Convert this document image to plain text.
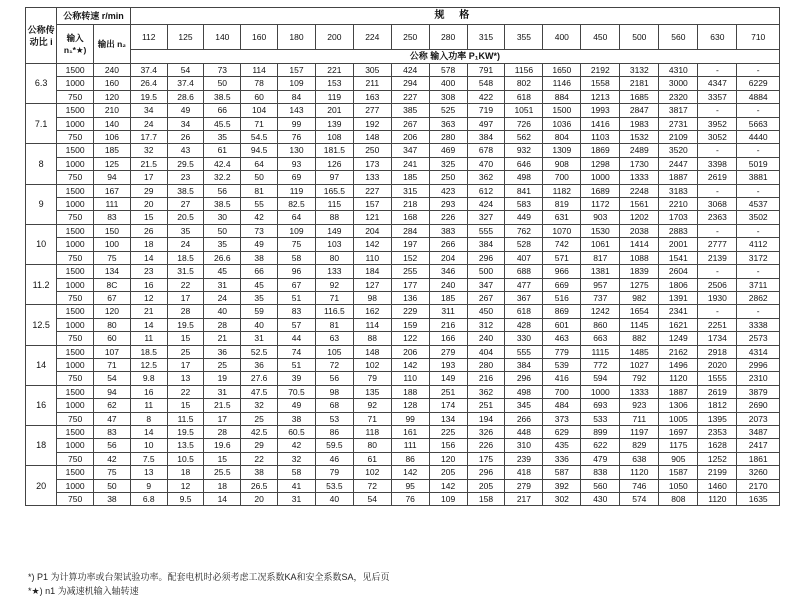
公称传动比 i	公称转速 r/min		规 格																
	输入 n₁*★)	输出 n₂	112	125	140	160	180	200	224	250	280	315	355	400	450	500	560	630	710
			公称 输入功率 P₁KW*)																
6.3	1500	240	37.4	54	73	114	157	221	305	424	578	791	1156	1650	2192	3132	4310	-	-
	1000	160	26.4	37.4	50	78	109	153	211	294	400	548	802	1146	1558	2181	3000	4347	6229
	750	120	19.5	28.6	38.5	60	84	119	163	227	308	422	618	884	1213	1685	2320	3357	4884
7.1	1500	210	34	49	66	104	143	201	277	385	525	719	1051	1500	1993	2847	3817	-	-
	1000	140	24	34	45.5	71	99	139	192	267	363	497	726	1036	1416	1983	2731	3952	5663
	750	106	17.7	26	35	54.5	76	108	148	206	280	384	562	804	1103	1532	2109	3052	4440
8	1500	185	32	43	61	94.5	130	181.5	250	347	469	678	932	1309	1869	2489	3520	-	-
	1000	125	21.5	29.5	42.4	64	93	126	173	241	325	470	646	908	1298	1730	2447	3398	5019
	750	94	17	23	32.2	50	69	97	133	185	250	362	498	700	1000	1333	1887	2619	3881
9	1500	167	29	38.5	56	81	119	165.5	227	315	423	612	841	1182	1689	2248	3183	-	-
	1000	111	20	27	38.5	55	82.5	115	157	218	293	424	583	819	1172	1561	2210	3068	4537
	750	83	15	20.5	30	42	64	88	121	168	226	327	449	631	903	1202	1703	2363	3502
10	1500	150	26	35	50	73	109	149	204	284	383	555	762	1070	1530	2038	2883	-	-
	1000	100	18	24	35	49	75	103	142	197	266	384	528	742	1061	1414	2001	2777	4112
	750	75	14	18.5	26.6	38	58	80	110	152	204	296	407	571	817	1088	1541	2139	3172
11.2	1500	134	23	31.5	45	66	96	133	184	255	346	500	688	966	1381	1839	2604	-	-
	1000	8C	16	22	31	45	67	92	127	177	240	347	477	669	957	1275	1806	2506	3711
	750	67	12	17	24	35	51	71	98	136	185	267	367	516	737	982	1391	1930	2862
12.5	1500	120	21	28	40	59	83	116.5	162	229	311	450	618	869	1242	1654	2341	-	-
	1000	80	14	19.5	28	40	57	81	114	159	216	312	428	601	860	1145	1621	2251	3338
	750	60	11	15	21	31	44	63	88	122	166	240	330	463	663	882	1249	1734	2573
14	1500	107	18.5	25	36	52.5	74	105	148	206	279	404	555	779	1115	1485	2162	2918	4314
	1000	71	12.5	17	25	36	51	72	102	142	193	280	384	539	772	1027	1496	2020	2996
	750	54	9.8	13	19	27.6	39	56	79	110	149	216	296	416	594	792	1120	1555	2310
16	1500	94	16	22	31	47.5	70.5	98	135	188	251	362	498	700	1000	1333	1887	2619	3879
	1000	62	11	15	21.5	32	49	68	92	128	174	251	345	484	693	923	1306	1812	2690
	750	47	8	11.5	17	25	38	53	71	99	134	194	266	373	533	711	1005	1395	2073
18	1500	83	14	19.5	28	42.5	60.5	86	118	161	225	326	448	629	899	1197	1697	2353	3487
	1000	56	10	13.5	19.6	29	42	59.5	80	111	156	226	310	435	622	829	1175	1628	2417
	750	42	7.5	10.5	15	22	32	46	61	86	120	175	239	336	479	638	905	1252	1861
20	1500	75	13	18	25.5	38	58	79	102	142	205	296	418	587	838	1120	1587	2199	3260
	1000	50	9	12	18	26.5	41	53.5	72	95	142	205	279	392	560	746	1050	1460	2170
	750	38	6.8	9.5	14	20	31	40	54	76	109	158	217	302	430	574	808	1120	1635
*) P1 为计算功率或台架试验功率。配套电机时必须考虑工况系数KA和安全系数SA，见后页
*★) n1 为减速机输入轴转速
